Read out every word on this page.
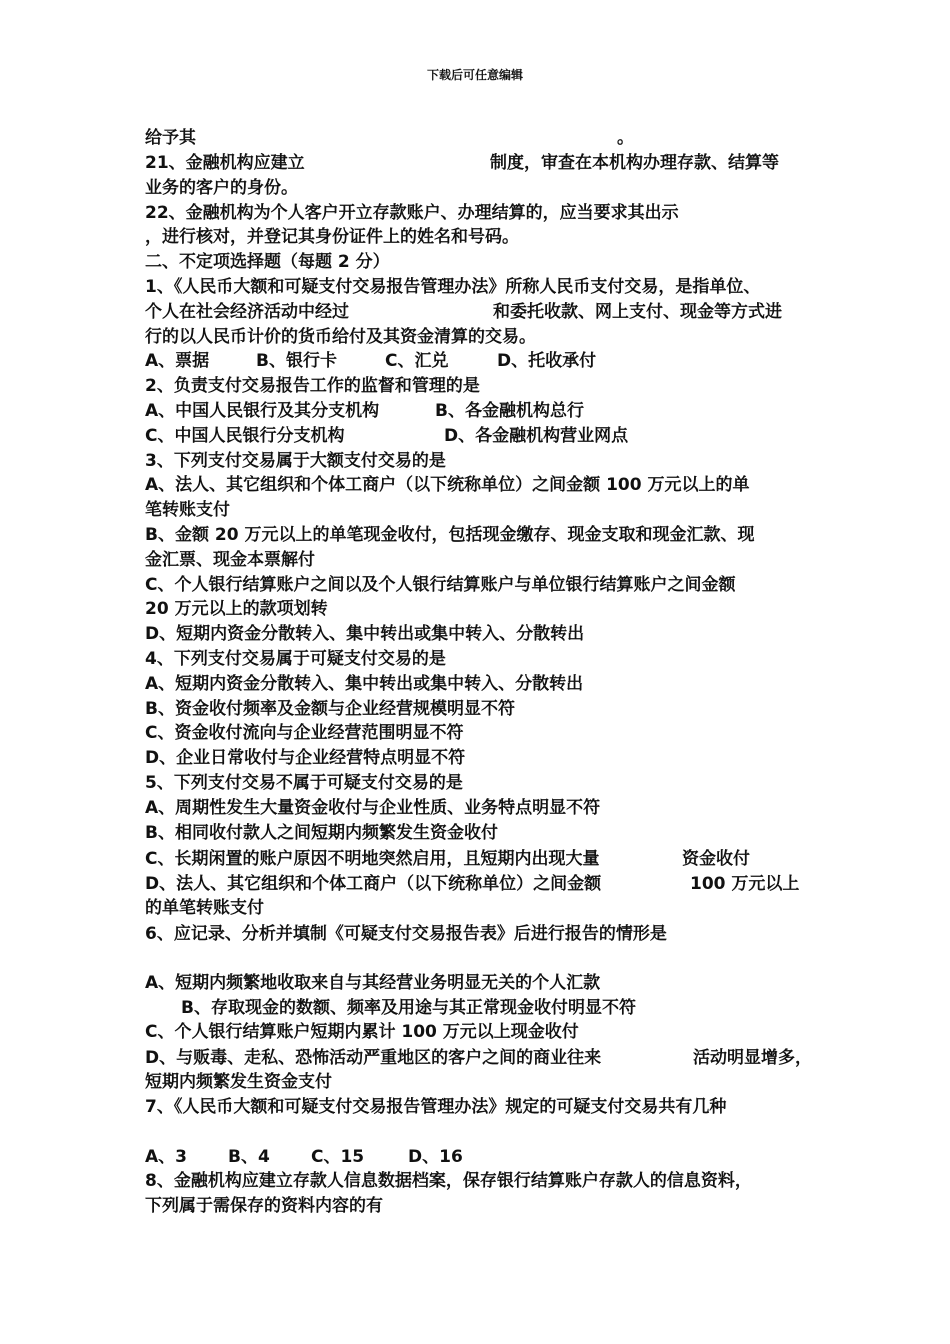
下载后可任意编辑
给予其	。
21、金融机构应建立	制度，审查在本机构办理存款、结算等
业务的客户的身份。
22、金融机构为个人客户开立存款账户、办理结算的，应当要求其出示
，进行核对，并登记其身份证件上的姓名和号码。
二、不定项选择题（每题 2 分）
1、《人民币大额和可疑支付交易报告管理办法》所称人民币支付交易，是指单位、
个人在社会经济活动中经过	和委托收款、网上支付、现金等方式进
行的以人民币计价的货币给付及其资金清算的交易。
A、票据	B、银行卡	C、汇兑	D、托收承付
2、负责支付交易报告工作的监督和管理的是
A、中国人民银行及其分支机构	B、各金融机构总行
C、中国人民银行分支机构	D、各金融机构营业网点
3、下列支付交易属于大额支付交易的是
A、法人、其它组织和个体工商户（以下统称单位）之间金额 100 万元以上的单
笔转账支付
B、金额 20 万元以上的单笔现金收付，包括现金缴存、现金支取和现金汇款、现
金汇票、现金本票解付
C、个人银行结算账户之间以及个人银行结算账户与单位银行结算账户之间金额
20 万元以上的款项划转
D、短期内资金分散转入、集中转出或集中转入、分散转出
4、下列支付交易属于可疑支付交易的是
A、短期内资金分散转入、集中转出或集中转入、分散转出
B、资金收付频率及金额与企业经营规模明显不符
C、资金收付流向与企业经营范围明显不符
D、企业日常收付与企业经营特点明显不符
5、下列支付交易不属于可疑支付交易的是
A、周期性发生大量资金收付与企业性质、业务特点明显不符
B、相同收付款人之间短期内频繁发生资金收付
C、长期闲置的账户原因不明地突然启用，且短期内出现大量	资金收付
D、法人、其它组织和个体工商户（以下统称单位）之间金额	100 万元以上
的单笔转账支付
6、应记录、分析并填制《可疑支付交易报告表》后进行报告的情形是
A、短期内频繁地收取来自与其经营业务明显无关的个人汇款
B、存取现金的数额、频率及用途与其正常现金收付明显不符
C、个人银行结算账户短期内累计 100 万元以上现金收付
D、与贩毒、走私、恐怖活动严重地区的客户之间的商业往来	活动明显增多，
短期内频繁发生资金支付
7、《人民币大额和可疑支付交易报告管理办法》规定的可疑支付交易共有几种
A、3 B、4 C、15	D、16
8、金融机构应建立存款人信息数据档案，保存银行结算账户存款人的信息资料，
下列属于需保存的资料内容的有
